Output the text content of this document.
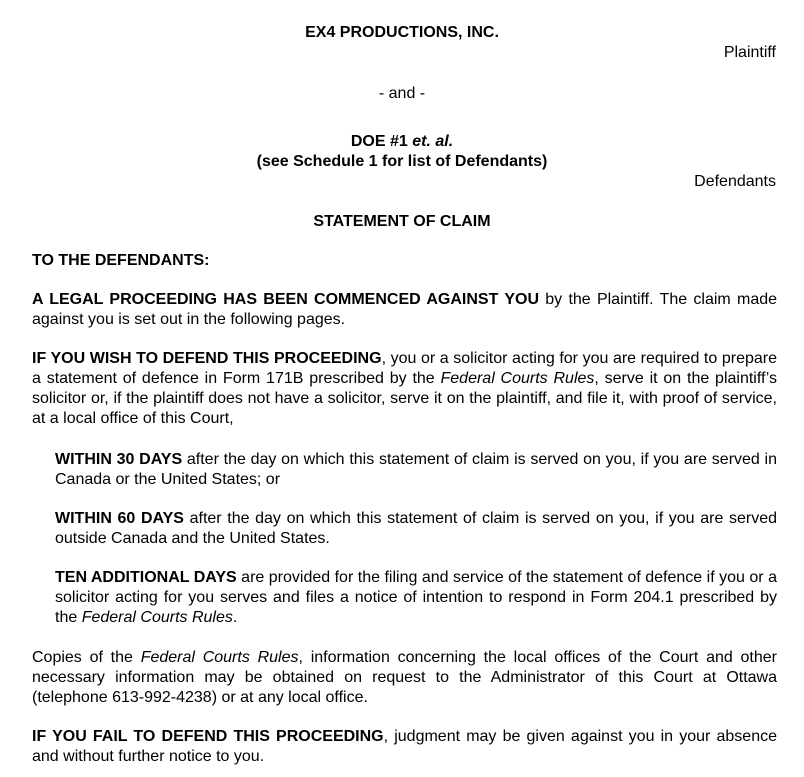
EX4 PRODUCTIONS, INC.
Plaintiff
- and -
DOE #1 et. al.
(see Schedule 1 for list of Defendants)
Defendants
STATEMENT OF CLAIM
TO THE DEFENDANTS:
A LEGAL PROCEEDING HAS BEEN COMMENCED AGAINST YOU by the Plaintiff. The claim made against you is set out in the following pages.
IF YOU WISH TO DEFEND THIS PROCEEDING, you or a solicitor acting for you are required to prepare a statement of defence in Form 171B prescribed by the Federal Courts Rules, serve it on the plaintiff’s solicitor or, if the plaintiff does not have a solicitor, serve it on the plaintiff, and file it, with proof of service, at a local office of this Court,
WITHIN 30 DAYS after the day on which this statement of claim is served on you, if you are served in Canada or the United States; or
WITHIN 60 DAYS after the day on which this statement of claim is served on you, if you are served outside Canada and the United States.
TEN ADDITIONAL DAYS are provided for the filing and service of the statement of defence if you or a solicitor acting for you serves and files a notice of intention to respond in Form 204.1 prescribed by the Federal Courts Rules.
Copies of the Federal Courts Rules, information concerning the local offices of the Court and other necessary information may be obtained on request to the Administrator of this Court at Ottawa (telephone 613-992-4238) or at any local office.
IF YOU FAIL TO DEFEND THIS PROCEEDING, judgment may be given against you in your absence and without further notice to you.
